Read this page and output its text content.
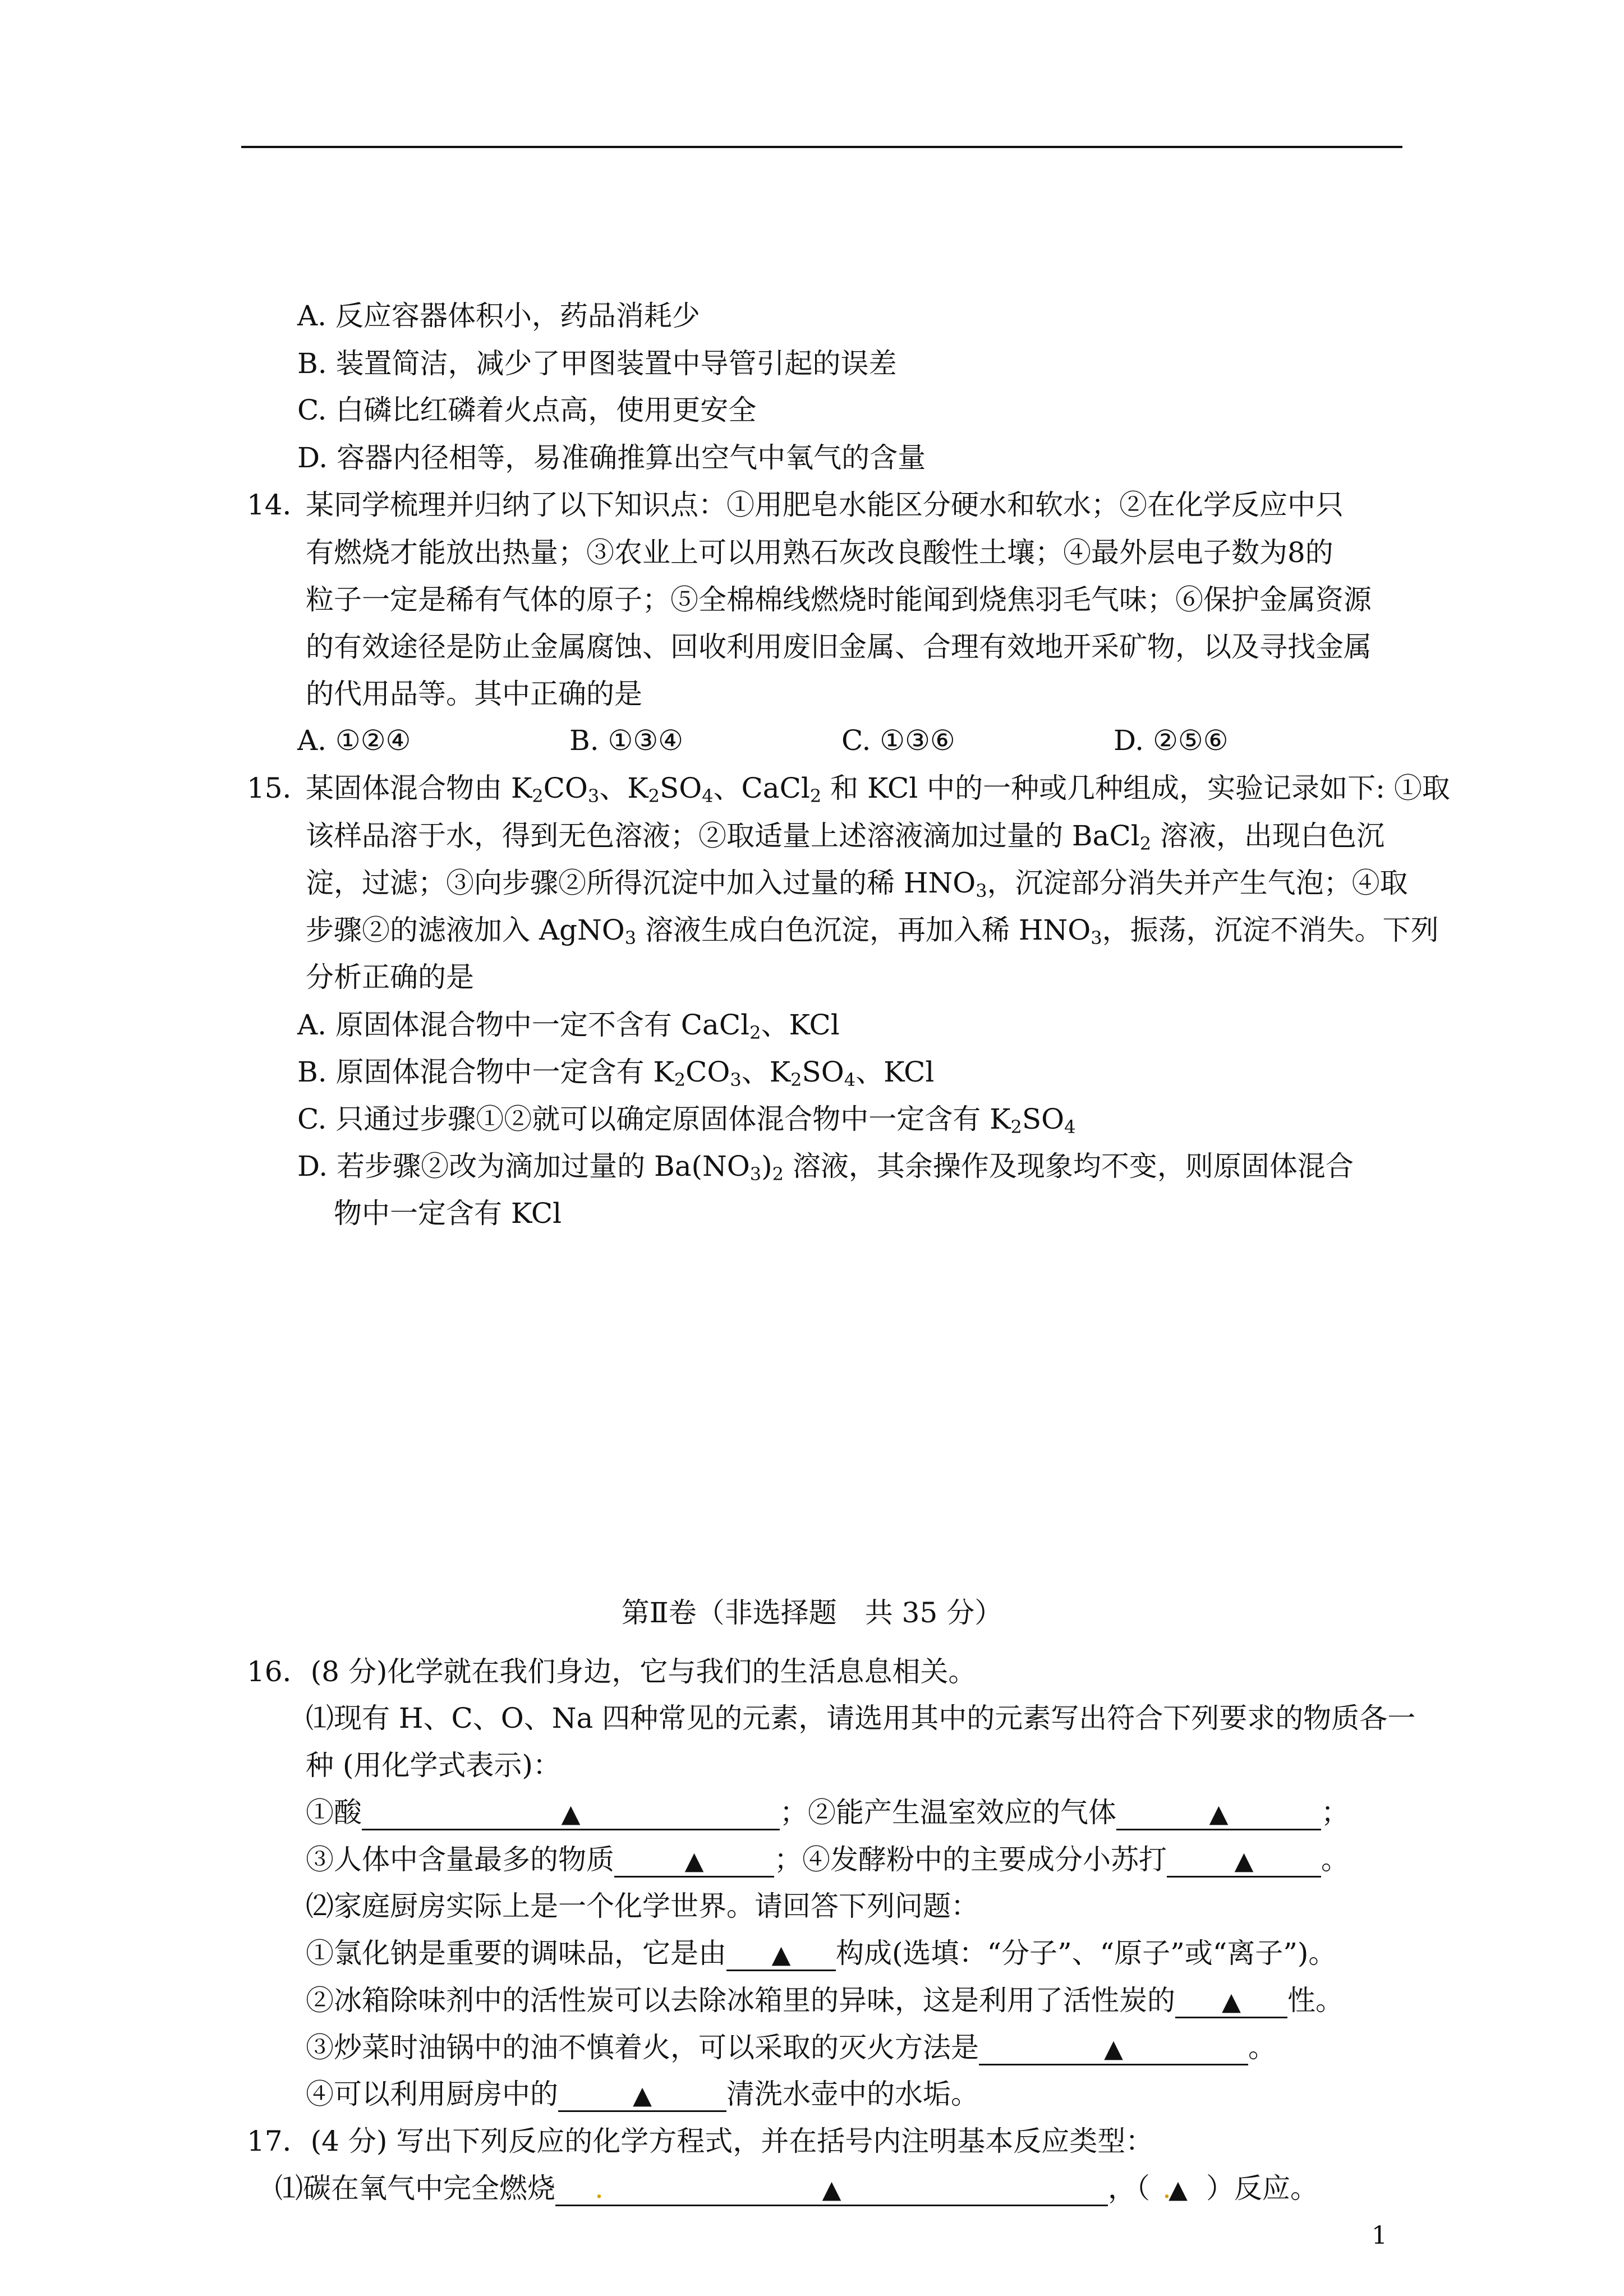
A. 反应容器体积小，药品消耗少
B. 装置简洁，减少了甲图装置中导管引起的误差
C. 白磷比红磷着火点高，使用更安全
D. 容器内径相等，易准确推算出空气中氧气的含量
14．
某同学梳理并归纳了以下知识点：①用肥皂水能区分硬水和软水；②在化学反应中只
有燃烧才能放出热量；③农业上可以用熟石灰改良酸性土壤；④最外层电子数为8的
粒子一定是稀有气体的原子；⑤全棉棉线燃烧时能闻到烧焦羽毛气味；⑥保护金属资源
的有效途径是防止金属腐蚀、回收利用废旧金属、合理有效地开采矿物，以及寻找金属
的代用品等。其中正确的是
A. ①②④	B. ①③④	C. ①③⑥	D. ②⑤⑥
15．
某固体混合物由 $K_2CO_3$、$K_2SO_4$、CaCl$_2$ 和 KCl 中的一种或几种组成，实验记录如下: ①取
该样品溶于水，得到无色溶液；②取适量上述溶液滴加过量的 BaCl$_2$ 溶液，出现白色沉
淀，过滤；③向步骤②所得沉淀中加入过量的稀 $HNO_3$，沉淀部分消失并产生气泡；④取
步骤②的滤液加入 AgNO$_3$ 溶液生成白色沉淀，再加入稀 $HNO_3$，振荡，沉淀不消失。下列
分析正确的是
A. 原固体混合物中一定不含有 CaCl$_2$、KCl
B. 原固体混合物中一定含有 $K_2CO_3$、$K_2SO_4$、KCl
C. 只通过步骤①②就可以确定原固体混合物中一定含有 $K_2SO_4$
D. 若步骤②改为滴加过量的 $Ba(NO_3)_2$ 溶液，其余操作及现象均不变，则原固体混合
物中一定含有 KCl
第Ⅱ卷（非选择题　共 35 分）
16．(8 分)化学就在我们身边，它与我们的生活息息相关。
⑴现有 H、C、O、Na 四种常见的元素，请选用其中的元素写出符合下列要求的物质各一
种 (用化学式表示)：
①酸	▲	；②能产生温室效应的气体	▲	；
③人体中含量最多的物质	▲	；④发酵粉中的主要成分小苏打	▲ 。
⑵家庭厨房实际上是一个化学世界。请回答下列问题：
①氯化钠是重要的调味品，它是由 ▲ 构成(选填：“分子”、“原子”或“离子”)。
②冰箱除味剂中的活性炭可以去除冰箱里的异味，这是利用了活性炭的 ▲ 性。
③炒菜时油锅中的油不慎着火，可以采取的灭火方法是	▲	。
④可以利用厨房中的	▲	清洗水壶中的水垢。
17．(4 分) 写出下列反应的化学方程式，并在括号内注明基本反应类型：
⑴碳在氧气中完全燃烧 .	▲	，（ .
▲ ）反应。
1
